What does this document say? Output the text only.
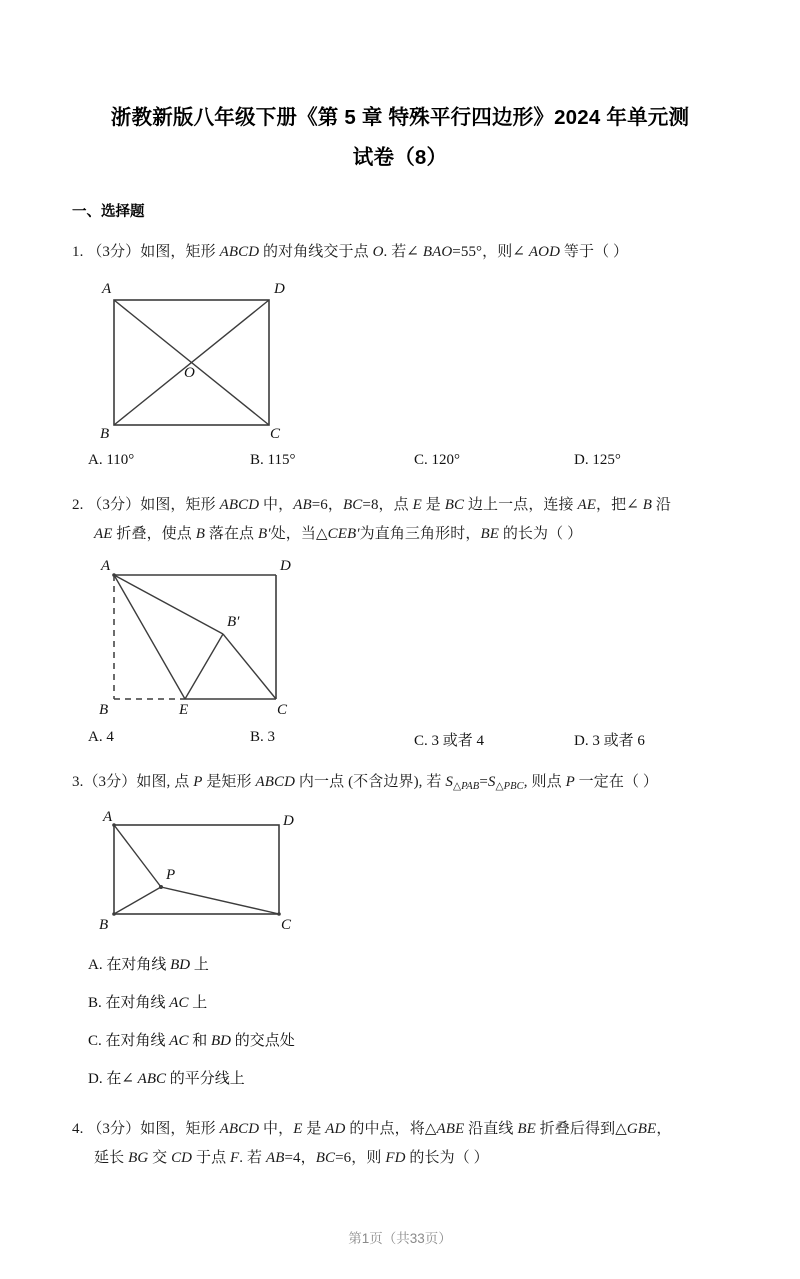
浙教新版八年级下册《第 5 章 特殊平行四边形》2024 年单元测
试卷（8）
一、选择题
1. （3分）如图，矩形 ABCD 的对角线交于点 O. 若∠ BAO=55°，则∠ AOD 等于（ ）
A	D
B	C
O
A. 110°	B. 115°	C. 120°	D. 125°
2. （3分）如图，矩形 ABCD 中，AB=6，BC=8，点 E 是 BC 边上一点，连接 AE，把∠ B 沿
AE 折叠，使点 B 落在点 B′处，当△CEB′为直角三角形时，BE 的长为（ ）
A	D
B	C
E
B′
A. 4	B. 3	C. 3 或者 4	D. 3 或者 6
3.（3分）如图, 点 P 是矩形 ABCD 内一点 (不含边界), 若 $S_{\triangle PAB}=S_{\triangle PBC}$, 则点 P 一定在（ ）
A	D
B	C
P
A. 在对角线 BD 上
B. 在对角线 AC 上
C. 在对角线 AC 和 BD 的交点处
D. 在∠ ABC 的平分线上
4. （3分）如图，矩形 ABCD 中，E 是 AD 的中点，将△ABE 沿直线 BE 折叠后得到△GBE，
延长 BG 交 CD 于点 F. 若 AB=4，BC=6，则 FD 的长为（ ）
第1页（共33页）
